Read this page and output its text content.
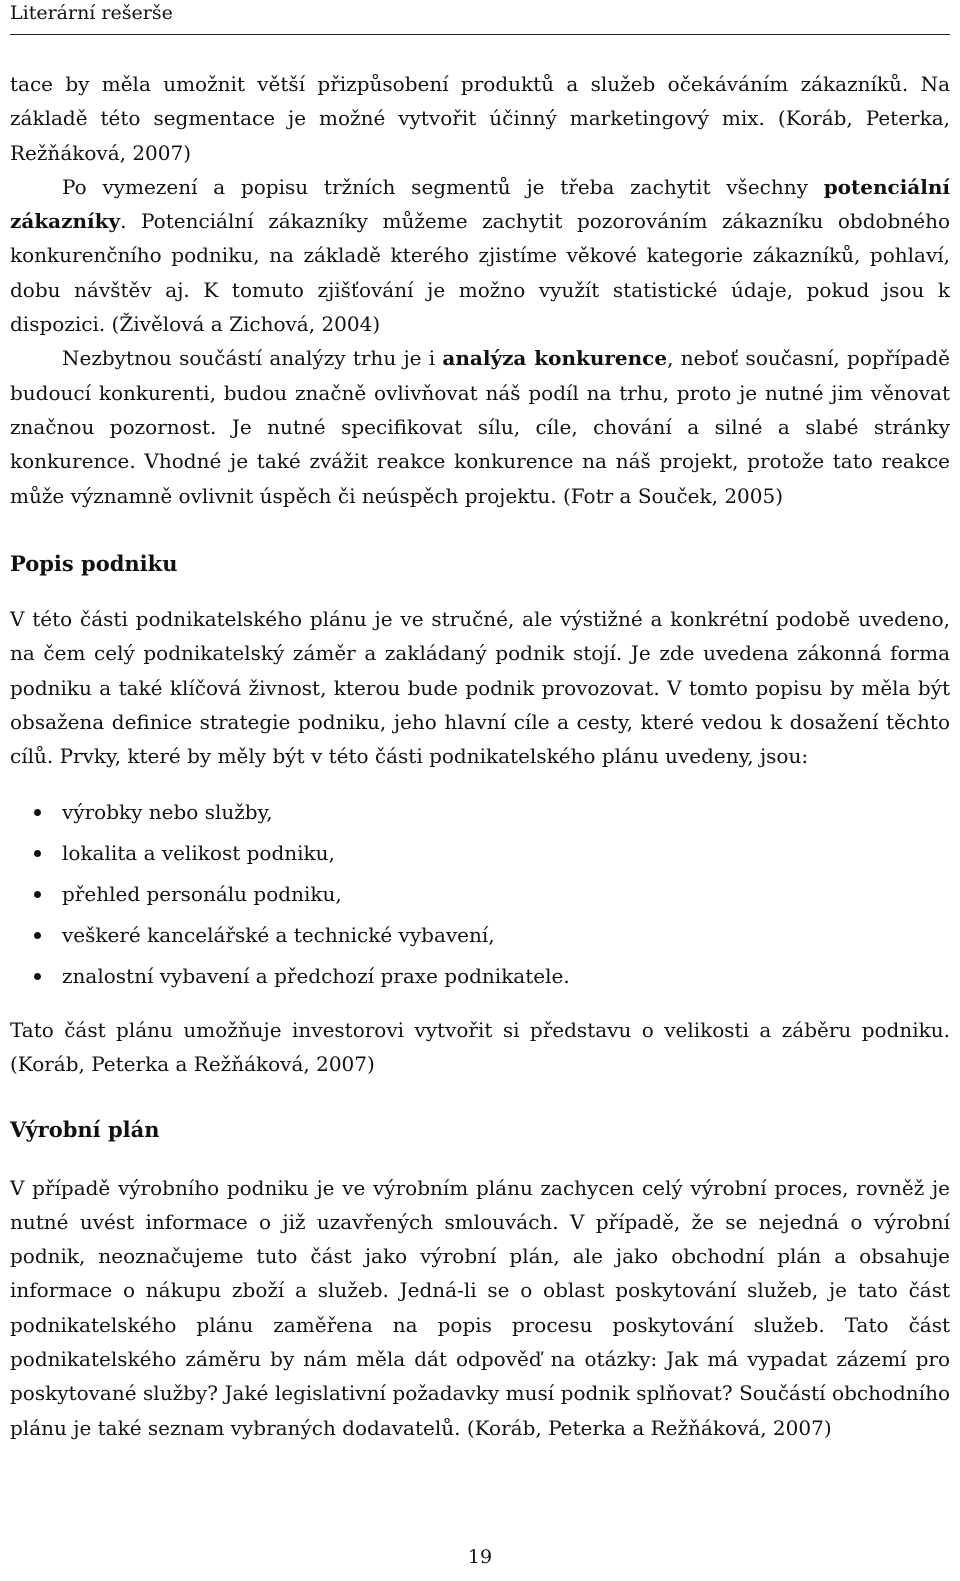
Literární rešerše

tace by měla umožnit větší přizpůsobení produktů a služeb očekáváním zákazníků. Na základě této segmentace je možné vytvořit účinný marketingový mix. (Koráb, Peterka, Režňáková, 2007)

Po vymezení a popisu tržních segmentů je třeba zachytit všechny potenciální zákazníky. Potenciální zákazníky můžeme zachytit pozorováním zákazníku obdobného konkurenčního podniku, na základě kterého zjistíme věkové kategorie zákazníků, pohlaví, dobu návštěv aj. K tomuto zjišťování je možno využít statistické údaje, pokud jsou k dispozici. (Živělová a Zichová, 2004)

Nezbytnou součástí analýzy trhu je i analýza konkurence, neboť současní, popřípadě budoucí konkurenti, budou značně ovlivňovat náš podíl na trhu, proto je nutné jim věnovat značnou pozornost. Je nutné specifikovat sílu, cíle, chování a silné a slabé stránky konkurence. Vhodné je také zvážit reakce konkurence na náš projekt, protože tato reakce může významně ovlivnit úspěch či neúspěch projektu. (Fotr a Souček, 2005)

Popis podniku

V této části podnikatelského plánu je ve stručné, ale výstižné a konkrétní podobě uvedeno, na čem celý podnikatelský záměr a zakládaný podnik stojí. Je zde uvedena zákonná forma podniku a také klíčová živnost, kterou bude podnik provozovat. V tomto popisu by měla být obsažena definice strategie podniku, jeho hlavní cíle a cesty, které vedou k dosažení těchto cílů. Prvky, které by měly být v této části podnikatelského plánu uvedeny, jsou:

výrobky nebo služby,
lokalita a velikost podniku,
přehled personálu podniku,
veškeré kancelářské a technické vybavení,
znalostní vybavení a předchozí praxe podnikatele.

Tato část plánu umožňuje investorovi vytvořit si představu o velikosti a záběru podniku. (Koráb, Peterka a Režňáková, 2007)

Výrobní plán

V případě výrobního podniku je ve výrobním plánu zachycen celý výrobní proces, rovněž je nutné uvést informace o již uzavřených smlouvách. V případě, že se nejedná o výrobní podnik, neoznačujeme tuto část jako výrobní plán, ale jako obchodní plán a obsahuje informace o nákupu zboží a služeb. Jedná-li se o oblast poskytování služeb, je tato část podnikatelského plánu zaměřena na popis procesu poskytování služeb. Tato část podnikatelského záměru by nám měla dát odpověď na otázky: Jak má vypadat zázemí pro poskytované služby? Jaké legislativní požadavky musí podnik splňovat? Součástí obchodního plánu je také seznam vybraných dodavatelů. (Koráb, Peterka a Režňáková, 2007)

19
